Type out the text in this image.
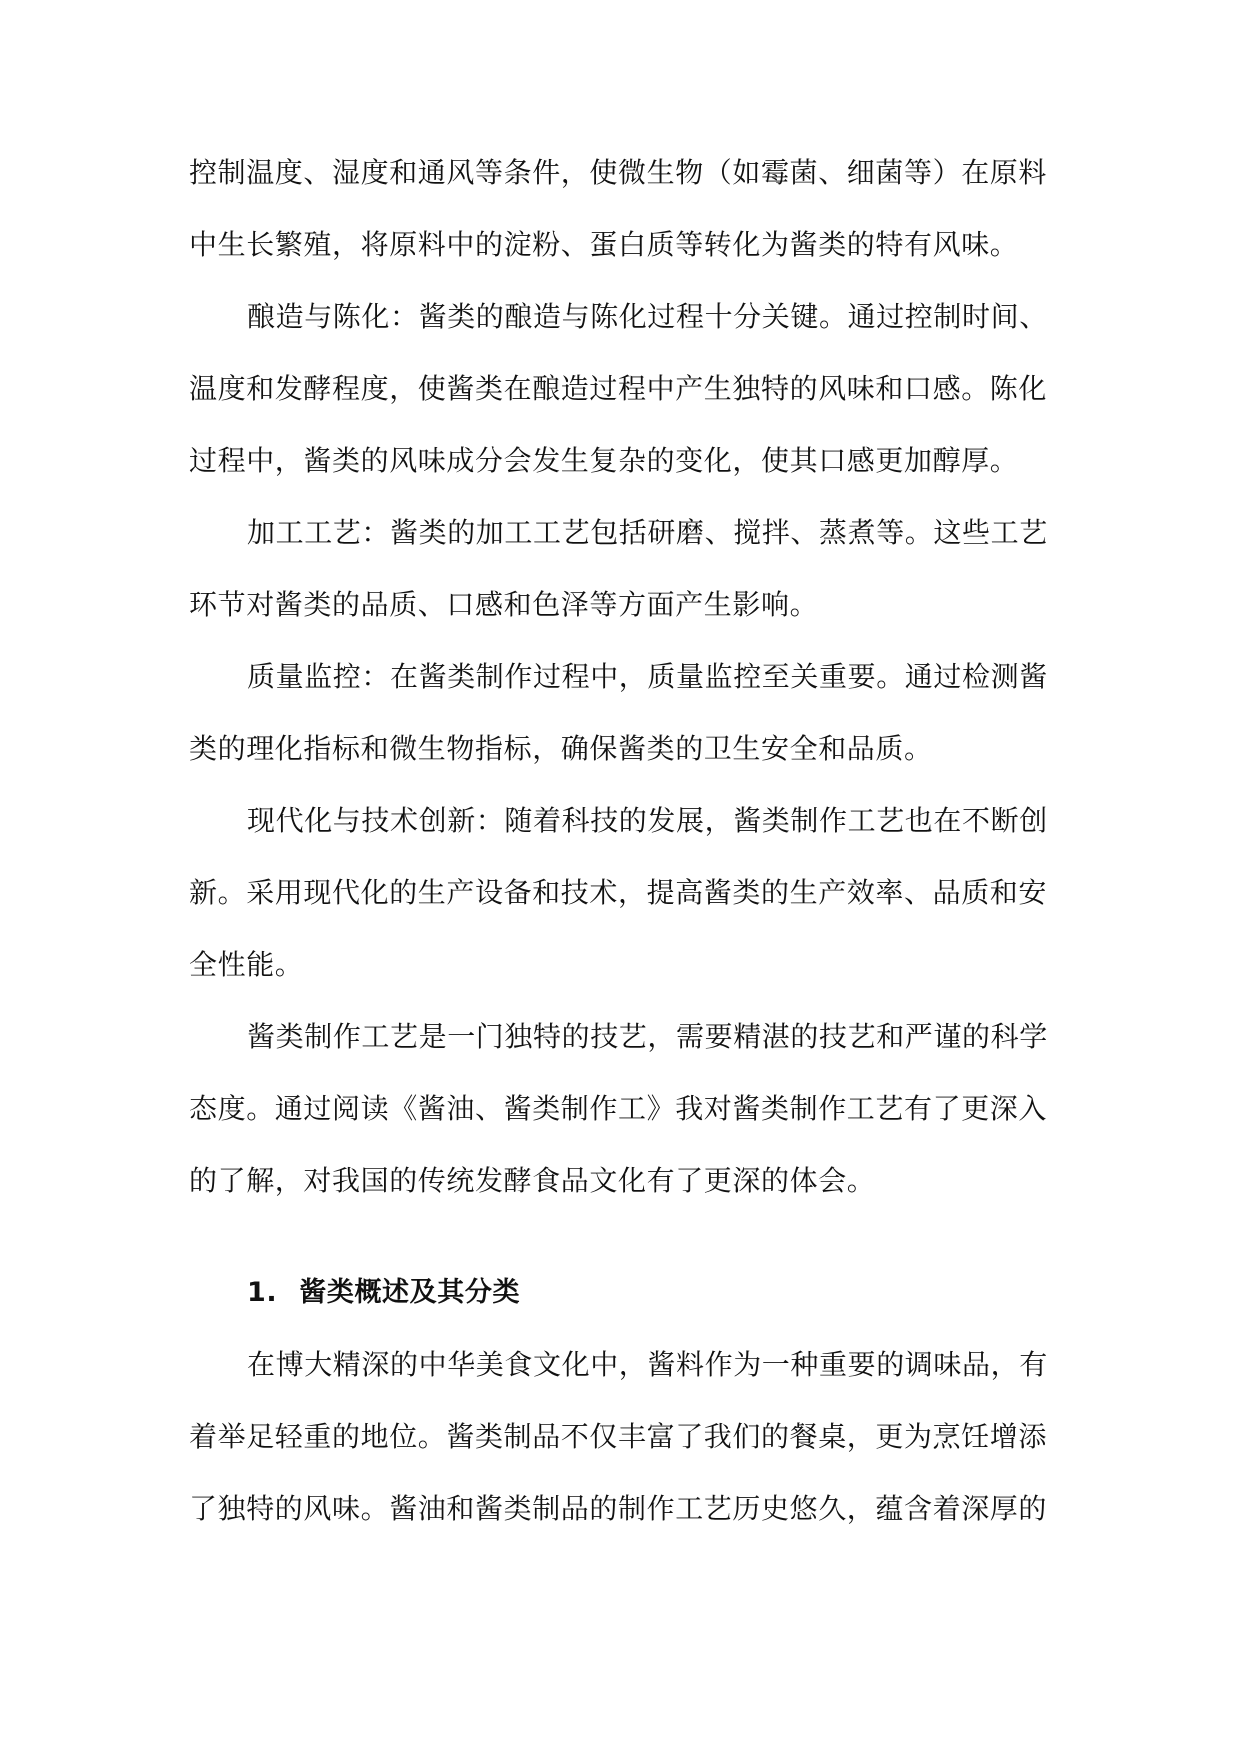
控制温度、湿度和通风等条件，使微生物（如霉菌、细菌等）在原料
中生长繁殖，将原料中的淀粉、蛋白质等转化为酱类的特有风味。
酿造与陈化：酱类的酿造与陈化过程十分关键。通过控制时间、
温度和发酵程度，使酱类在酿造过程中产生独特的风味和口感。陈化
过程中，酱类的风味成分会发生复杂的变化，使其口感更加醇厚。
加工工艺：酱类的加工工艺包括研磨、搅拌、蒸煮等。这些工艺
环节对酱类的品质、口感和色泽等方面产生影响。
质量监控：在酱类制作过程中，质量监控至关重要。通过检测酱
类的理化指标和微生物指标，确保酱类的卫生安全和品质。
现代化与技术创新：随着科技的发展，酱类制作工艺也在不断创
新。采用现代化的生产设备和技术，提高酱类的生产效率、品质和安
全性能。
酱类制作工艺是一门独特的技艺，需要精湛的技艺和严谨的科学
态度。通过阅读《酱油、酱类制作工》我对酱类制作工艺有了更深入
的了解，对我国的传统发酵食品文化有了更深的体会。
1. 酱类概述及其分类
在博大精深的中华美食文化中，酱料作为一种重要的调味品，有
着举足轻重的地位。酱类制品不仅丰富了我们的餐桌，更为烹饪增添
了独特的风味。酱油和酱类制品的制作工艺历史悠久，蕴含着深厚的
